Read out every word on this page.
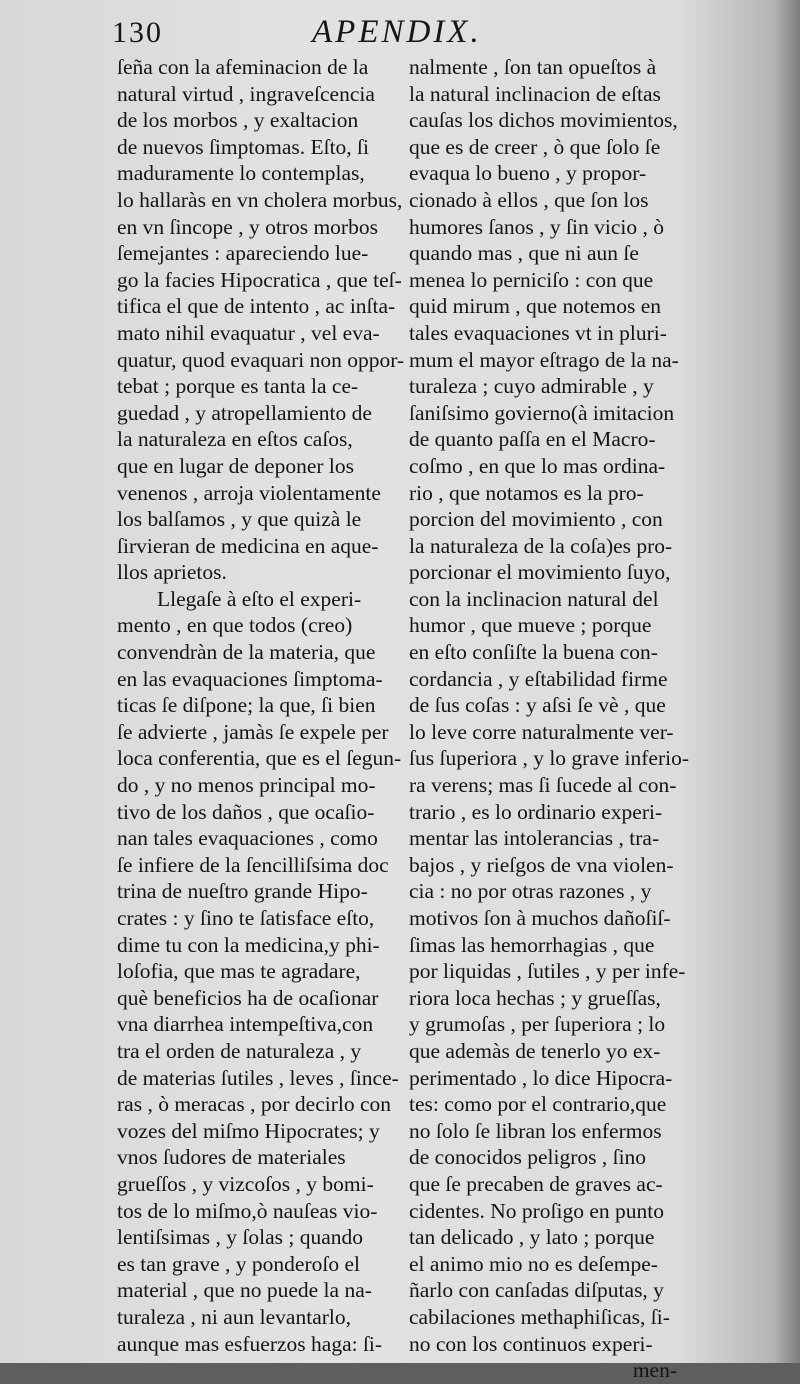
130	APENDIX.
ſeña con la afeminacion de la
natural virtud , ingraveſcencia
de los morbos , y exaltacion
de nuevos ſimptomas. Eſto, ſi
maduramente lo contemplas,
lo hallaràs en vn cholera morbus,
en vn ſincope , y otros morbos
ſemejantes : apareciendo lue-
go la facies Hipocratica , que teſ-
tifica el que de intento , ac inſta-
mato nihil evaquatur , vel eva-
quatur, quod evaquari non oppor-
tebat ; porque es tanta la ce-
guedad , y atropellamiento de
la naturaleza en eſtos caſos,
que en lugar de deponer los
venenos , arroja violentamente
los balſamos , y que quizà le
ſirvieran de medicina en aque-
llos aprietos.
Llegaſe à eſto el experi-
mento , en que todos (creo)
convendràn de la materia, que
en las evaquaciones ſimptoma-
ticas ſe diſpone; la que, ſi bien
ſe advierte , jamàs ſe expele per
loca conferentia, que es el ſegun-
do , y no menos principal mo-
tivo de los daños , que ocaſio-
nan tales evaquaciones , como
ſe infiere de la ſencilliſsima doc
trina de nueſtro grande Hipo-
crates : y ſino te ſatisface eſto,
dime tu con la medicina,y phi-
loſofia, que mas te agradare,
què beneficios ha de ocaſionar
vna diarrhea intempeſtiva,con
tra el orden de naturaleza , y
de materias ſutiles , leves , ſince-
ras , ò meracas , por decirlo con
vozes del miſmo Hipocrates; y
vnos ſudores de materiales
grueſſos , y vizcoſos , y bomi-
tos de lo miſmo,ò nauſeas vio-
lentiſsimas , y ſolas ; quando
es tan grave , y ponderoſo el
material , que no puede la na-
turaleza , ni aun levantarlo,
aunque mas esfuerzos haga: ſi-
nalmente , ſon tan opueſtos à
la natural inclinacion de eſtas
cauſas los dichos movimientos,
que es de creer , ò que ſolo ſe
evaqua lo bueno , y propor-
cionado à ellos , que ſon los
humores ſanos , y ſin vicio , ò
quando mas , que ni aun ſe
menea lo perniciſo : con que
quid mirum , que notemos en
tales evaquaciones vt in pluri-
mum el mayor eſtrago de la na-
turaleza ; cuyo admirable , y
ſaniſsimo govierno(à imitacion
de quanto paſſa en el Macro-
coſmo , en que lo mas ordina-
rio , que notamos es la pro-
porcion del movimiento , con
la naturaleza de la coſa)es pro-
porcionar el movimiento ſuyo,
con la inclinacion natural del
humor , que mueve ; porque
en eſto conſiſte la buena con-
cordancia , y eſtabilidad firme
de ſus coſas : y aſsi ſe vè , que
lo leve corre naturalmente ver-
ſus ſuperiora , y lo grave inferio-
ra verens; mas ſi ſucede al con-
trario , es lo ordinario experi-
mentar las intolerancias , tra-
bajos , y rieſgos de vna violen-
cia : no por otras razones , y
motivos ſon à muchos dañoſiſ-
ſimas las hemorrhagias , que
por liquidas , ſutiles , y per infe-
riora loca hechas ; y grueſſas,
y grumoſas , per ſuperiora ; lo
que ademàs de tenerlo yo ex-
perimentado , lo dice Hipocra-
tes: como por el contrario,que
no ſolo ſe libran los enfermos
de conocidos peligros , ſino
que ſe precaben de graves ac-
cidentes. No proſigo en punto
tan delicado , y lato ; porque
el animo mio no es deſempe-
ñarlo con canſadas diſputas, y
cabilaciones methaphiſicas, ſi-
no con los continuos experi-
men-
